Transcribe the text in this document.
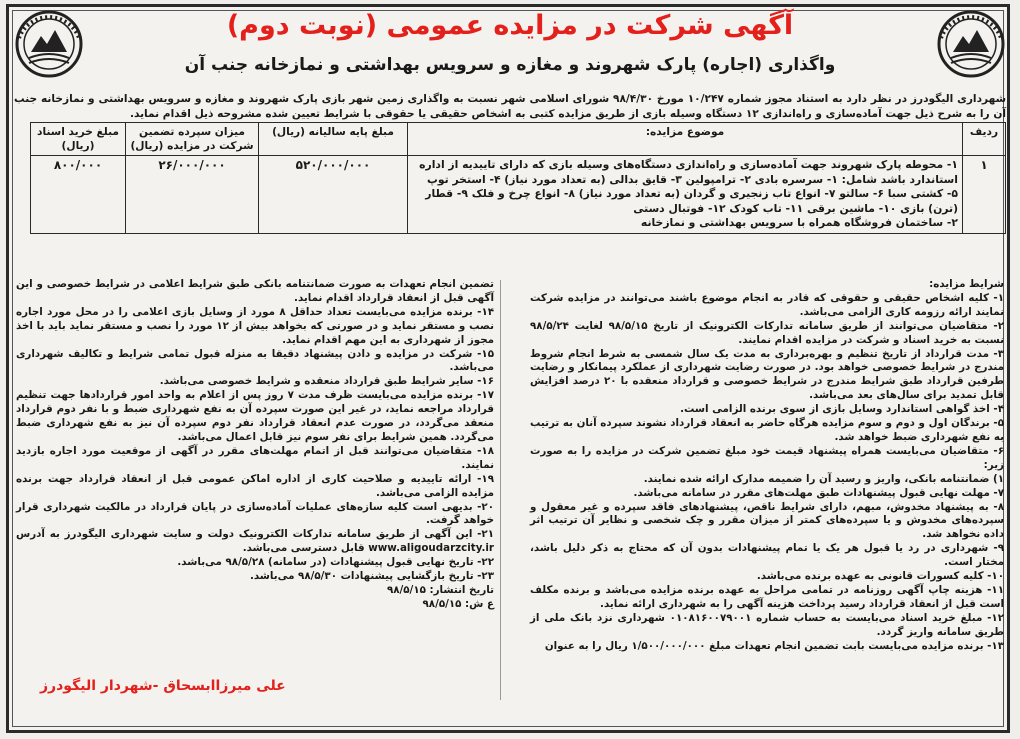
آگهی شرکت در مزایده عمومی (نوبت دوم)
واگذاری (اجاره) پارک شهروند و مغازه و سرویس بهداشتی و نمازخانه جنب آن
شهرداری الیگودرز در نظر دارد به استناد مجوز شماره ۱۰/۲۴۷ مورخ ۹۸/۴/۳۰ شورای اسلامی شهر نسبت به واگذاری زمین شهر بازی پارک شهروند و مغازه و سرویس بهداشتی و نمازخانه جنب آن را به شرح ذیل جهت آماده‌سازی و راه‌اندازی ۱۲ دستگاه وسیله بازی از طریق مزایده کتبی به اشخاص حقیقی یا حقوقی با شرایط تعیین شده مشروحه ذیل اقدام نماید.
ردیف	موضوع مزایده:	مبلغ پایه سالیانه (ریال)	میزان سپرده تضمین شرکت در مزایده (ریال)	مبلغ خرید اسناد (ریال)
۱	۱- محوطه پارک شهروند جهت آماده‌سازی و راه‌اندازی دستگاه‌های وسیله بازی که دارای تاییدیه از اداره
استاندارد باشد شامل: ۱- سرسره بادی ۲- ترامپولین ۳- قایق بدالی (به تعداد مورد نیاز) ۴- استخر توپ
۵- کشتی سبا ۶- سالتو ۷- انواع تاب زنجیری و گردان (به تعداد مورد نیاز) ۸- انواع چرخ و فلک ۹- قطار
(ترن) بازی ۱۰- ماشین برقی ۱۱- تاب کودک ۱۲- فوتبال دستی
۲- ساختمان فروشگاه همراه با سرویس بهداشتی و نمازخانه	۵۲۰/۰۰۰/۰۰۰	۲۶/۰۰۰/۰۰۰	۸۰۰/۰۰۰

شرایط مزایده:

۱- کلیه اشخاص حقیقی و حقوقی که قادر به انجام موضوع باشند می‌توانند در مزایده شرکت نمایند ارائه رزومه کاری الزامی می‌باشد.

۲- متقاضیان می‌توانند از طریق سامانه تدارکات الکترونیک از تاریخ ۹۸/۵/۱۵ لغایت ۹۸/۵/۲۴ نسبت به خرید اسناد و شرکت در مزایده اقدام نمایند.

۳- مدت قرارداد از تاریخ تنظیم و بهره‌برداری به مدت یک سال شمسی به شرط انجام شروط مندرج در شرایط خصوصی خواهد بود. در صورت رضایت شهرداری از عملکرد پیمانکار و رضایت طرفین قرارداد طبق شرایط مندرج در شرایط خصوصی و قرارداد منعقده با ۲۰ درصد افزایش قابل تمدید برای سال‌های بعد می‌باشد.

۴- اخذ گواهی استاندارد وسایل بازی از سوی برنده الزامی است.

۵- برندگان اول و دوم و سوم مزایده هرگاه حاضر به انعقاد قرارداد نشوند سپرده آنان به ترتیب به نفع شهرداری ضبط خواهد شد.

۶- متقاضیان می‌بایست همراه پیشنهاد قیمت خود مبلغ تضمین شرکت در مزایده را به صورت زیر:

۱) ضمانتنامه بانکی، واریز و رسید آن را ضمیمه مدارک ارائه شده نمایند.

۷- مهلت نهایی قبول پیشنهادات طبق مهلت‌های مقرر در سامانه می‌باشد.

۸- به پیشنهاد مخدوش، مبهم، دارای شرایط ناقص، پیشنهادهای فاقد سپرده و غیر معقول و سپرده‌های مخدوش و یا سپرده‌های کمتر از میزان مقرر و چک شخصی و نظایر آن ترتیب اثر داده نخواهد شد.

۹- شهرداری در رد یا قبول هر یک یا تمام پیشنهادات بدون آن که محتاج به ذکر دلیل باشد، مختار است.

۱۰- کلیه کسورات قانونی به عهده برنده می‌باشد.

۱۱- هزینه چاپ آگهی روزنامه در تمامی مراحل به عهده برنده مزایده می‌باشد و برنده مکلف است قبل از انعقاد قرارداد رسید پرداخت هزینه آگهی را به شهرداری ارائه نماید.

۱۲- مبلغ خرید اسناد می‌بایست به حساب شماره ۰۱۰۸۱۶۰۰۷۹۰۰۱ شهرداری نزد بانک ملی از طریق سامانه واریز گردد.

۱۳- برنده مزایده می‌بایست بابت تضمین انجام تعهدات مبلغ ۱/۵۰۰/۰۰۰/۰۰۰ ریال را به عنوان

تضمین انجام تعهدات به صورت ضمانتنامه بانکی طبق شرایط اعلامی در شرایط خصوصی و این آگهی قبل از انعقاد قرارداد اقدام نماید.

۱۴- برنده مزایده می‌بایست تعداد حداقل ۸ مورد از وسایل بازی اعلامی را در محل مورد اجاره نصب و مستقر نماید و در صورتی که بخواهد بیش از ۱۲ مورد را نصب و مستقر نماید باید با اخذ مجوز از شهرداری به این مهم اقدام نماید.

۱۵- شرکت در مزایده و دادن پیشنهاد دقیقا به منزله قبول تمامی شرایط و تکالیف شهرداری می‌باشد.

۱۶- سایر شرایط طبق قرارداد منعقده و شرایط خصوصی می‌باشد.

۱۷- برنده مزایده می‌بایست ظرف مدت ۷ روز پس از اعلام به واحد امور قراردادها جهت تنظیم قرارداد مراجعه نماید، در غیر این صورت سپرده آن به نفع شهرداری ضبط و با نفر دوم قرارداد منعقد می‌گردد، در صورت عدم انعقاد قرارداد نفر دوم سپرده آن نیز به نفع شهرداری ضبط می‌گردد. همین شرایط برای نفر سوم نیز قابل اعمال می‌باشد.

۱۸- متقاضیان می‌توانند قبل از اتمام مهلت‌های مقرر در آگهی از موقعیت مورد اجاره بازدید نمایند.

۱۹- ارائه تاییدیه و صلاحیت کاری از اداره اماکن عمومی قبل از انعقاد قرارداد جهت برنده مزایده الزامی می‌باشد.

۲۰- بدیهی است کلیه سازه‌های عملیات آماده‌سازی در پایان قرارداد در مالکیت شهرداری قرار خواهد گرفت.

۲۱- این آگهی از طریق سامانه تدارکات الکترونیک دولت و سایت شهرداری الیگودرز به آدرس www.aligoudarzcity.ir قابل دسترسی می‌باشد.

۲۲- تاریخ نهایی قبول پیشنهادات (در سامانه) ۹۸/۵/۲۸ می‌باشد.

۲۳- تاریخ بازگشایی پیشنهادات ۹۸/۵/۳۰ می‌باشد.

تاریخ انتشار: ۹۸/۵/۱۵

ع ش: ۹۸/۵/۱۵

علی میرزاابسحاق -شهردار الیگودرز
